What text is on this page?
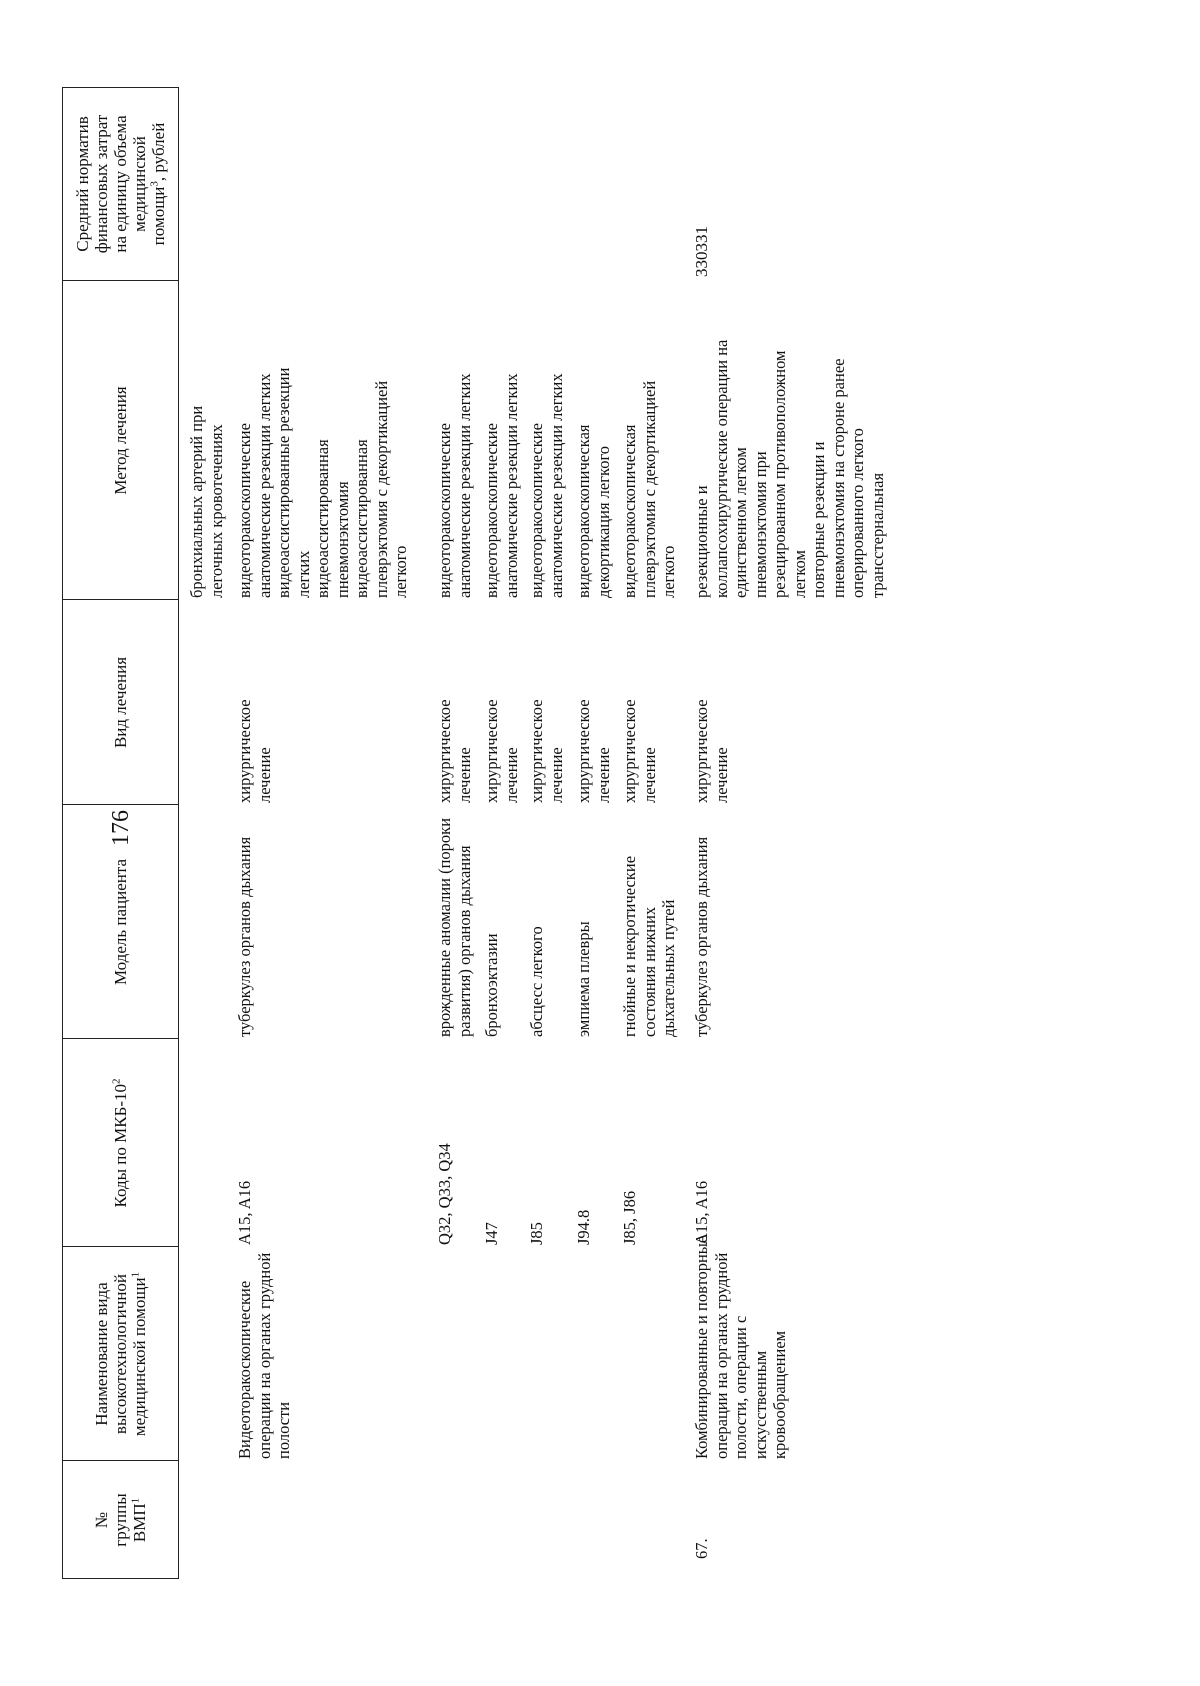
176
№
группы
ВМП$^1$
Наименование вида
высокотехнологичной
медицинской помощи$^1$
Коды по МКБ-$10^2$
Модель пациента
Вид лечения
Метод лечения
Средний норматив
финансовых затрат
на единицу объема
медицинской
помощи$^3$, рублей
бронхиальных артерий при легочных кровотечениях
Видеоторакоскопические операции на органах грудной полости
A15, A16
туберкулез органов дыхания
хирургическое лечение
видеоторакоскопические анатомические резекции легких видеоассистированные резекции легких видеоассистированная пневмонэктомия видеоассистированная плеврэктомия с декортикацией легкого
Q32, Q33, Q34
врожденные аномалии (пороки развития) органов дыхания
хирургическое лечение
видеоторакоскопические анатомические резекции легких
J47
бронхоэктазии
хирургическое лечение
видеоторакоскопические анатомические резекции легких
J85
абсцесс легкого
хирургическое лечение
видеоторакоскопические анатомические резекции легких
J94.8
эмпиема плевры
хирургическое лечение
видеоторакоскопическая декортикация легкого
J85, J86
гнойные и некротические состояния нижних дыхательных путей
хирургическое лечение
видеоторакоскопическая плеврэктомия с декортикацией легкого
67.
Комбинированные и повторные операции на органах грудной полости, операции с искусственным кровообращением
A15, A16
туберкулез органов дыхания
хирургическое лечение
резекционные и коллапсохирургические операции на единственном легком пневмонэктомия при резецированном противоположном легком повторные резекции и пневмонэктомия на стороне ранее оперированного легкого трансстернальная
330331
